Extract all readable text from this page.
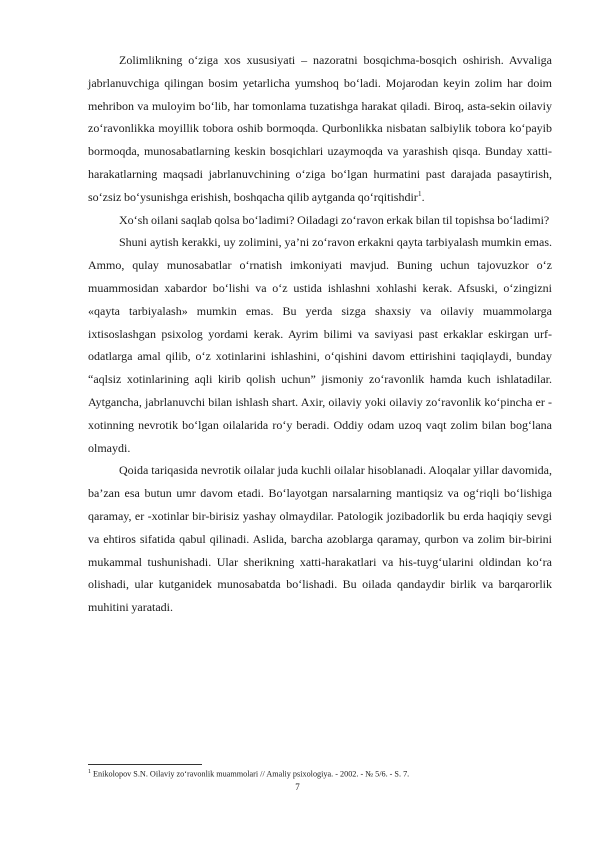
Zolimlikning o‘ziga xos xususiyati – nazoratni bosqichma-bosqich oshirish. Avvaliga jabrlanuvchiga qilingan bosim yetarlicha yumshoq bo‘ladi. Mojarodan keyin zolim har doim mehribon va muloyim bo‘lib, har tomonlama tuzatishga harakat qiladi. Biroq, asta-sekin oilaviy zo‘ravonlikka moyillik tobora oshib bormoqda. Qurbonlikka nisbatan salbiylik tobora ko‘payib bormoqda, munosabatlarning keskin bosqichlari uzaymoqda va yarashish qisqa. Bunday xatti-harakatlarning maqsadi jabrlanuvchining o‘ziga bo‘lgan hurmatini past darajada pasaytirish, so‘zsiz bo‘ysunishga erishish, boshqacha qilib aytganda qo‘rqitishdir$^1$.

Xo‘sh oilani saqlab qolsa bo‘ladimi? Oiladagi zo‘ravon erkak bilan til topishsa bo‘ladimi?

Shuni aytish kerakki, uy zolimini, ya’ni zo‘ravon erkakni qayta tarbiyalash mumkin emas. Ammo, qulay munosabatlar o‘rnatish imkoniyati mavjud. Buning uchun tajovuzkor o‘z muammosidan xabardor bo‘lishi va o‘z ustida ishlashni xohlashi kerak. Afsuski, o‘zingizni «qayta tarbiyalash» mumkin emas. Bu yerda sizga shaxsiy va oilaviy muammolarga ixtisoslashgan psixolog yordami kerak. Ayrim bilimi va saviyasi past erkaklar eskirgan urf-odatlarga amal qilib, o‘z xotinlarini ishlashini, o‘qishini davom ettirishini taqiqlaydi, bunday “aqlsiz xotinlarining aqli kirib qolish uchun” jismoniy zo‘ravonlik hamda kuch ishlatadilar. Aytgancha, jabrlanuvchi bilan ishlash shart. Axir, oilaviy yoki oilaviy zo‘ravonlik ko‘pincha er -xotinning nevrotik bo‘lgan oilalarida ro‘y beradi. Oddiy odam uzoq vaqt zolim bilan bog‘lana olmaydi.

Qoida tariqasida nevrotik oilalar juda kuchli oilalar hisoblanadi. Aloqalar yillar davomida, ba’zan esa butun umr davom etadi. Bo‘layotgan narsalarning mantiqsiz va og‘riqli bo‘lishiga qaramay, er -xotinlar bir-birisiz yashay olmaydilar. Patologik jozibadorlik bu erda haqiqiy sevgi va ehtiros sifatida qabul qilinadi. Aslida, barcha azoblarga qaramay, qurbon va zolim bir-birini mukammal tushunishadi. Ular sherikning xatti-harakatlari va his-tuyg‘ularini oldindan ko‘ra olishadi, ular kutganidek munosabatda bo‘lishadi. Bu oilada qandaydir birlik va barqarorlik muhitini yaratadi.

$^1$ Enikolopov S.N. Oilaviy zo‘ravonlik muammolari // Amaliy psixologiya. - 2002. - № 5/6. - S. 7.
7
